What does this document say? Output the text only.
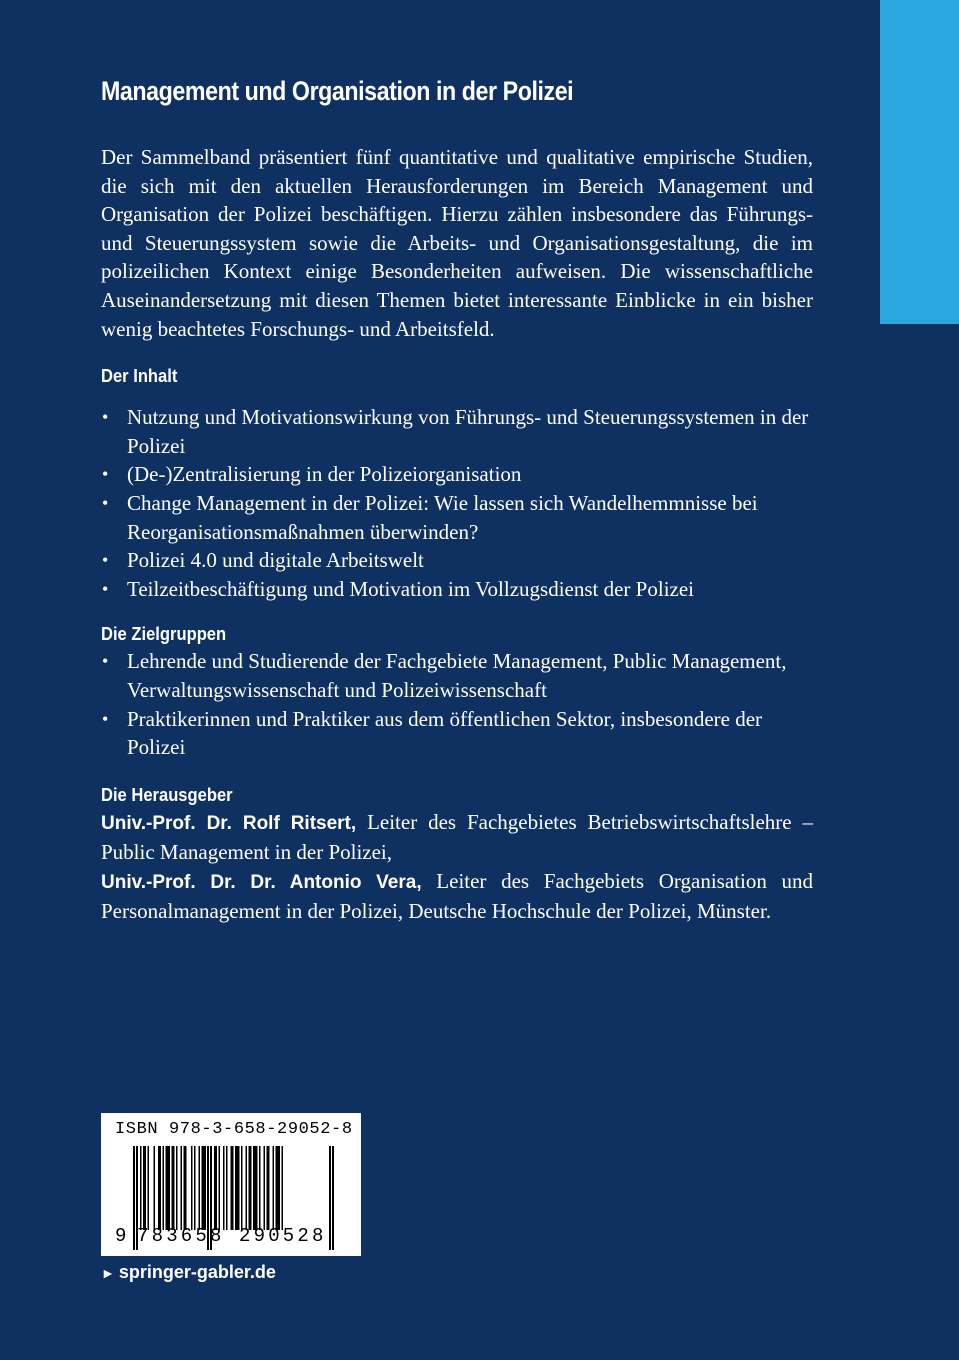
Management und Organisation in der Polizei

Der Sammelband präsentiert fünf quantitative und qualitative empirische Studien, die sich mit den aktuellen Herausforderungen im Bereich Management und Organisation der Polizei beschäftigen. Hierzu zählen insbesondere das Führungs- und Steuerungssystem sowie die Arbeits- und Organisationsgestaltung, die im polizeilichen Kontext einige Besonderheiten aufweisen. Die wissenschaftliche Auseinandersetzung mit diesen Themen bietet interessante Einblicke in ein bisher wenig beachtetes Forschungs- und Arbeitsfeld.

Der Inhalt
• Nutzung und Motivationswirkung von Führungs- und Steuerungssystemen in der Polizei
• (De-)Zentralisierung in der Polizeiorganisation
• Change Management in der Polizei: Wie lassen sich Wandelhemmnisse bei Reorganisationsmaßnahmen überwinden?
• Polizei 4.0 und digitale Arbeitswelt
• Teilzeitbeschäftigung und Motivation im Vollzugsdienst der Polizei
Die Zielgruppen
• Lehrende und Studierende der Fachgebiete Management, Public Management, Verwaltungswissenschaft und Polizeiwissenschaft
• Praktikerinnen und Praktiker aus dem öffentlichen Sektor, insbesondere der Polizei
Die Herausgeber

Univ.-Prof. Dr. Rolf Ritsert, Leiter des Fachgebietes Betriebswirtschaftslehre – Public Management in der Polizei,
Univ.-Prof. Dr. Dr. Antonio Vera, Leiter des Fachgebiets Organisation und Personalmanagement in der Polizei, Deutsche Hochschule der Polizei, Münster.

ISBN 978-3-658-29052-8
9 783658 290528
► springer-gabler.de
